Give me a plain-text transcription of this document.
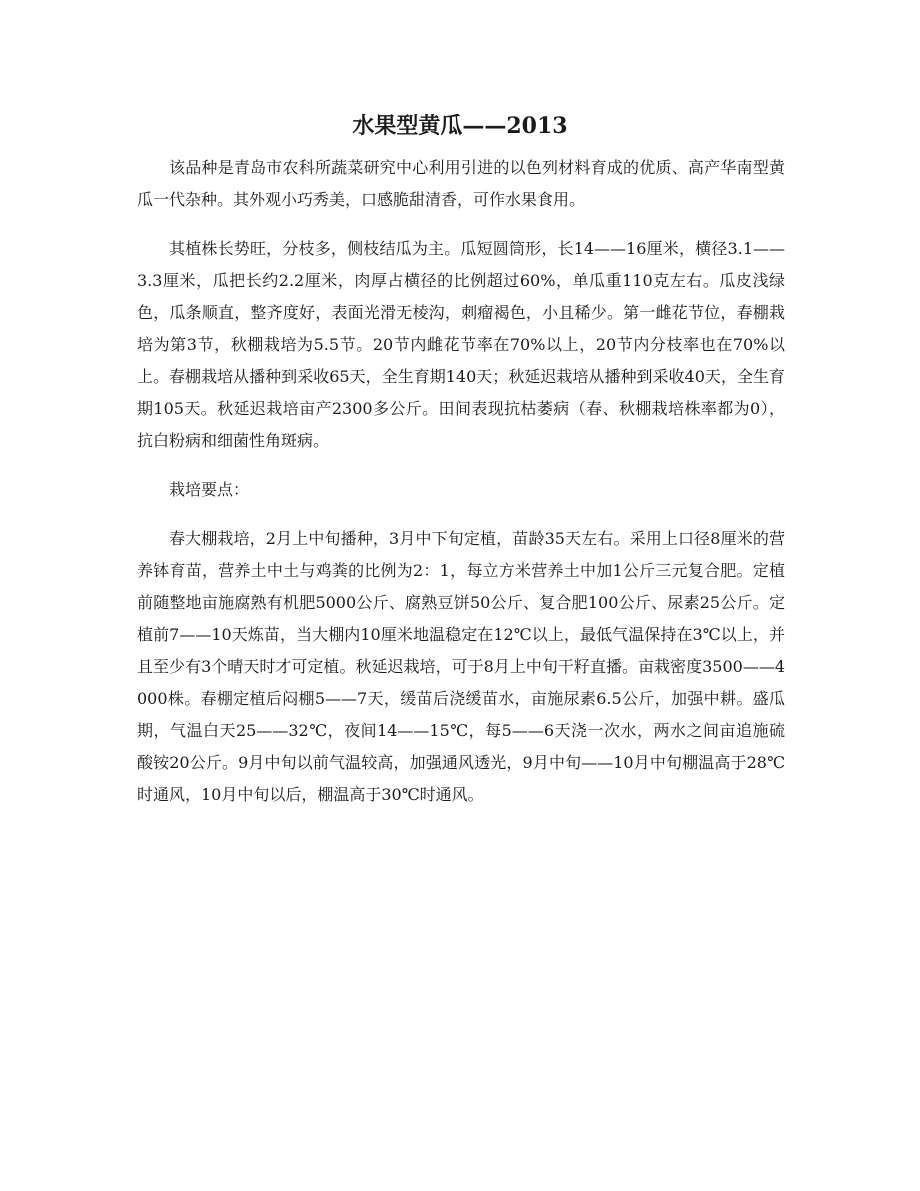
水果型黄瓜——2013

该品种是青岛市农科所蔬菜研究中心利用引进的以色列材料育成的优质、高产华南型黄瓜一代杂种。其外观小巧秀美，口感脆甜清香，可作水果食用。

其植株长势旺，分枝多，侧枝结瓜为主。瓜短圆筒形，长14——16厘米，横径3.1——3.3厘米，瓜把长约2.2厘米，肉厚占横径的比例超过60%，单瓜重110克左右。瓜皮浅绿色，瓜条顺直，整齐度好，表面光滑无棱沟，刺瘤褐色，小且稀少。第一雌花节位，春棚栽培为第3节，秋棚栽培为5.5节。20节内雌花节率在70%以上，20节内分枝率也在70%以上。春棚栽培从播种到采收65天，全生育期140天；秋延迟栽培从播种到采收40天，全生育期105天。秋延迟栽培亩产2300多公斤。田间表现抗枯萎病（春、秋棚栽培株率都为0），抗白粉病和细菌性角斑病。

栽培要点：

春大棚栽培，2月上中旬播种，3月中下旬定植，苗龄35天左右。采用上口径8厘米的营养钵育苗，营养土中土与鸡粪的比例为2：1，每立方米营养土中加1公斤三元复合肥。定植前随整地亩施腐熟有机肥5000公斤、腐熟豆饼50公斤、复合肥100公斤、尿素25公斤。定植前7——10天炼苗，当大棚内10厘米地温稳定在12℃以上，最低气温保持在3℃以上，并且至少有3个晴天时才可定植。秋延迟栽培，可于8月上中旬干籽直播。亩栽密度3500——4000株。春棚定植后闷棚5——7天，缓苗后浇缓苗水，亩施尿素6.5公斤，加强中耕。盛瓜期，气温白天25——32℃，夜间14——15℃，每5——6天浇一次水，两水之间亩追施硫酸铵20公斤。9月中旬以前气温较高，加强通风透光，9月中旬——10月中旬棚温高于28℃时通风，10月中旬以后，棚温高于30℃时通风。
